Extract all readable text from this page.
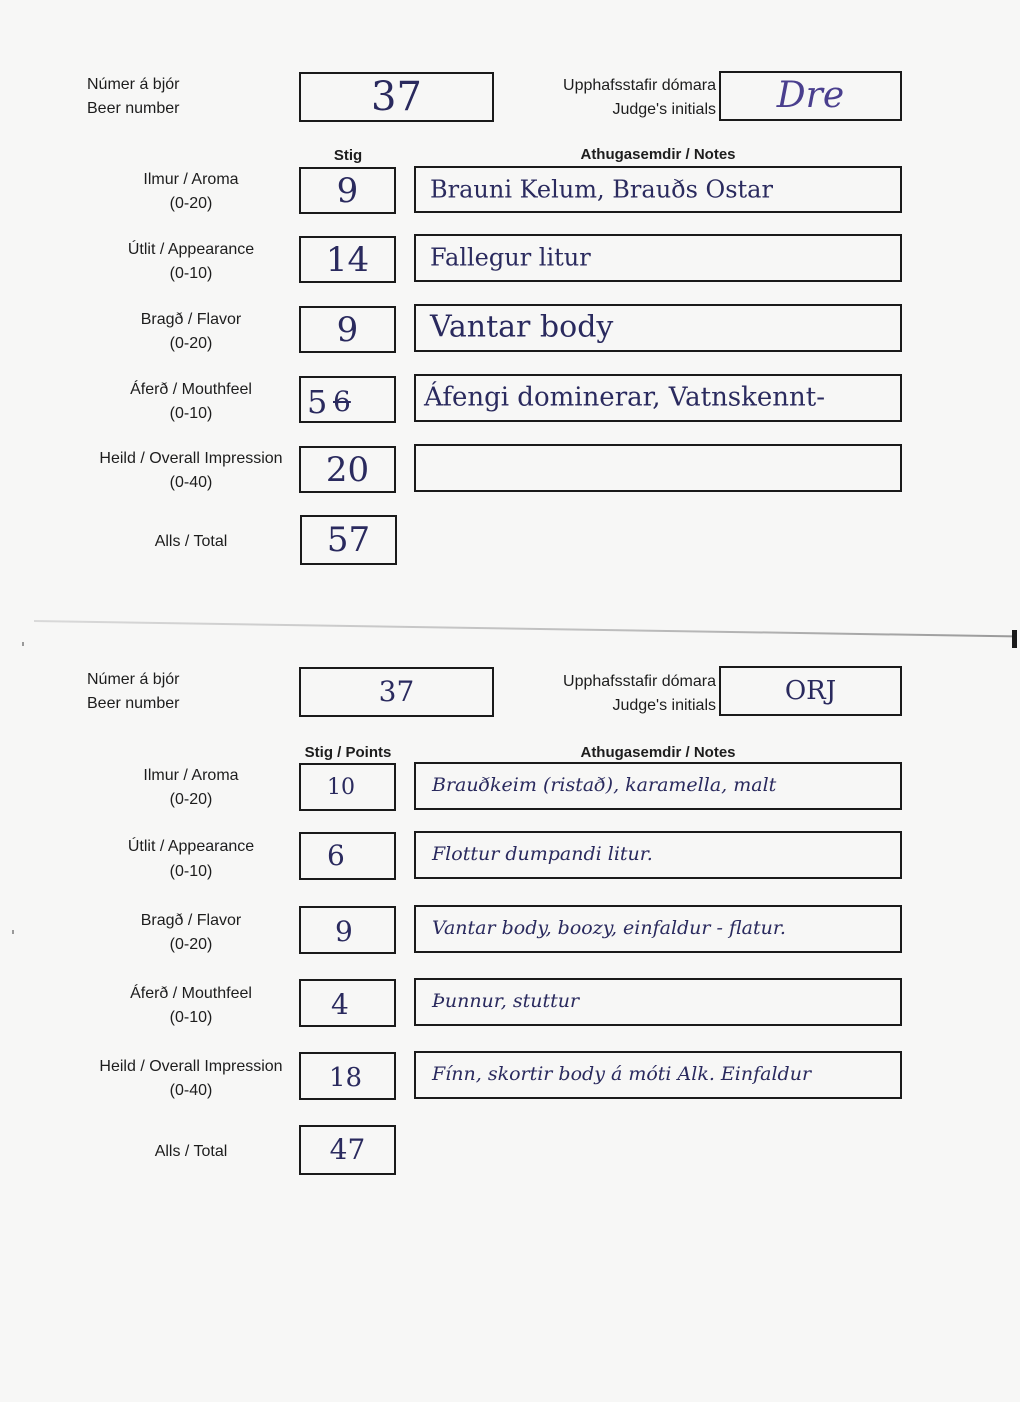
Númer á bjór
Beer number	37	Upphafsstafir dómara
Judge's initials	Dre
Stig	Athugasemdir / Notes
Ilmur / Aroma
(0-20)	9	Brauni Kelum, Brauðs Ostar
Útlit / Appearance
(0-10)	14	Fallegur litur
Bragð / Flavor
(0-20)	9	Vantar body
Áferð / Mouthfeel
(0-10)	5 6	Áfengi dominerar, Vatnskennt-
Heild / Overall Impression
(0-40)	20
Alls / Total	57
Númer á bjór
Beer number	37	Upphafsstafir dómara
Judge's initials	ORJ
Stig / Points	Athugasemdir / Notes
Ilmur / Aroma
(0-20)	10	Brauðkeim (ristað), karamella, malt
Útlit / Appearance
(0-10)	6	Flottur dumpandi litur.
Bragð / Flavor
(0-20)	9	Vantar body, boozy, einfaldur - flatur.
Áferð / Mouthfeel
(0-10)	4	Þunnur, stuttur
Heild / Overall Impression
(0-40)	18	Fínn, skortir body á móti Alk. Einfaldur
Alls / Total	47
